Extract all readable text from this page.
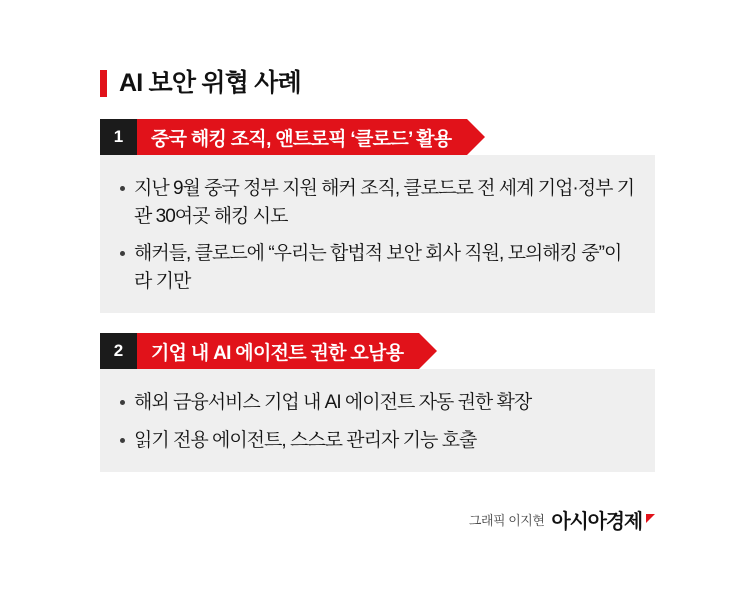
AI 보안 위협 사례
1	중국 해킹 조직, 앤트로픽 ‘클로드’ 활용
지난 9월 중국 정부 지원 해커 조직, 클로드로 전 세계 기업·정부 기관 30여곳 해킹 시도
해커들, 클로드에 “우리는 합법적 보안 회사 직원, 모의해킹 중”이라 기만
2	기업 내 AI 에이전트 권한 오남용
해외 금융서비스 기업 내 AI 에이전트 자동 권한 확장
읽기 전용 에이전트, 스스로 관리자 기능 호출
그래픽 이지현 아시아경제
